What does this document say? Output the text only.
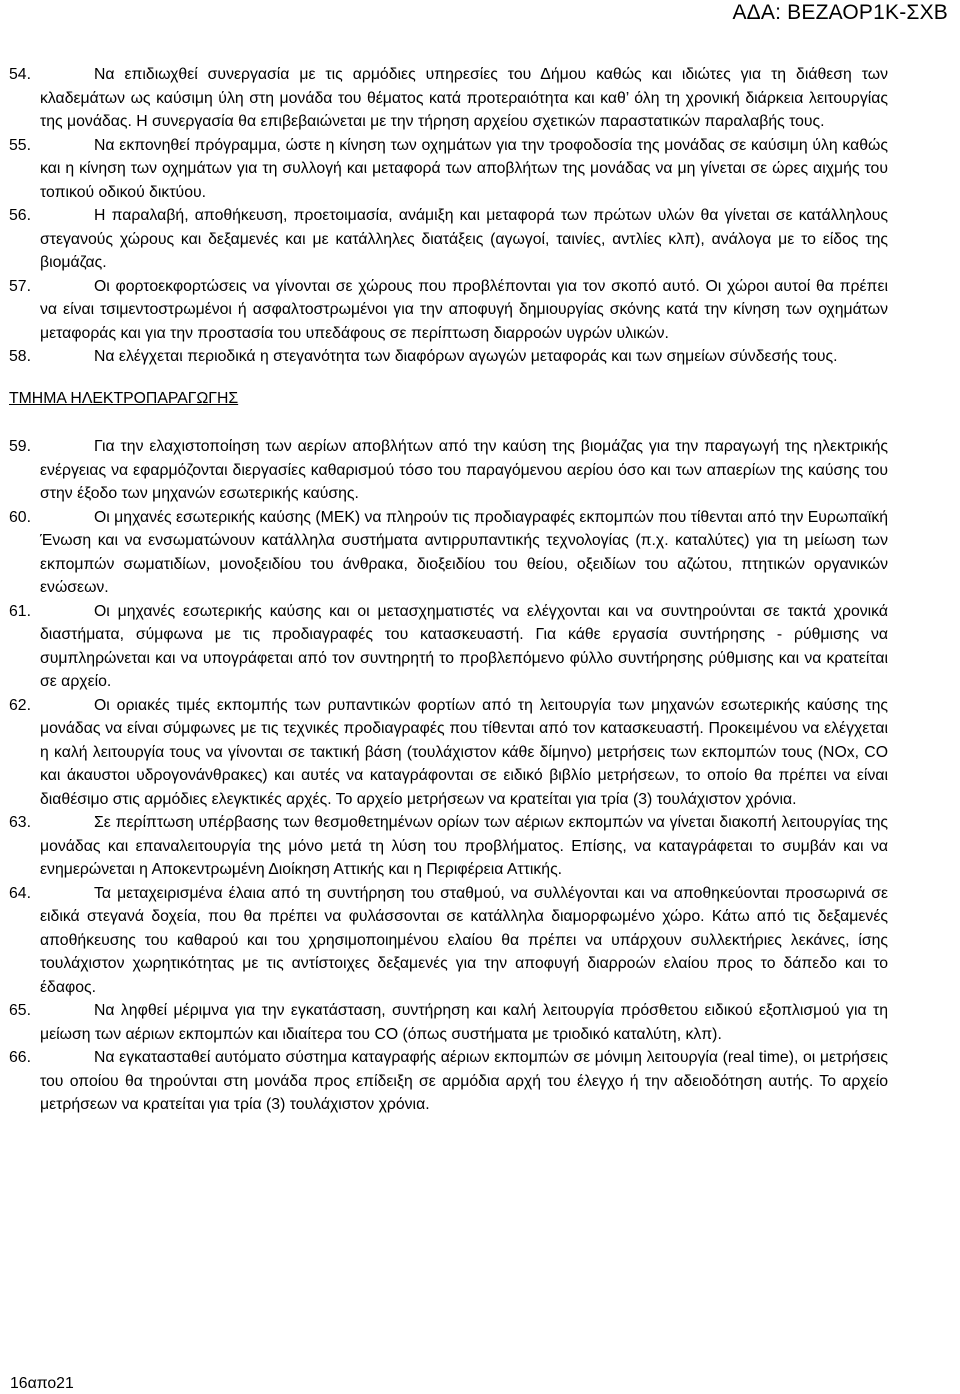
ΑΔΑ: ΒΕΖΑΟΡ1Κ-ΣΧΒ
54.	Να επιδιωχθεί συνεργασία με τις αρμόδιες υπηρεσίες του Δήμου καθώς και ιδιώτες για τη διάθεση των κλαδεμάτων ως καύσιμη ύλη στη μονάδα του θέματος κατά προτεραιότητα και καθ’ όλη τη χρονική διάρκεια λειτουργίας της μονάδας. Η συνεργασία θα επιβεβαιώνεται με την τήρηση αρχείου σχετικών παραστατικών παραλαβής τους.
55.	Να εκπονηθεί πρόγραμμα, ώστε η κίνηση των οχημάτων για την τροφοδοσία της μονάδας σε καύσιμη ύλη καθώς και η κίνηση των οχημάτων για τη συλλογή και μεταφορά των αποβλήτων της μονάδας να μη γίνεται σε ώρες αιχμής του τοπικού οδικού δικτύου.
56.	Η παραλαβή, αποθήκευση, προετοιμασία, ανάμιξη και μεταφορά των πρώτων υλών θα γίνεται σε κατάλληλους στεγανούς χώρους και δεξαμενές και με κατάλληλες διατάξεις (αγωγοί, ταινίες, αντλίες κλπ), ανάλογα με το είδος της βιομάζας.
57.	Οι φορτοεκφορτώσεις να γίνονται σε χώρους που προβλέπονται για τον σκοπό αυτό. Οι χώροι αυτοί θα πρέπει να είναι τσιμεντοστρωμένοι ή ασφαλτοστρωμένοι για την αποφυγή δημιουργίας σκόνης κατά την κίνηση των οχημάτων μεταφοράς και για την προστασία του υπεδάφους σε περίπτωση διαρροών υγρών υλικών.
58.	Να ελέγχεται περιοδικά η στεγανότητα των διαφόρων αγωγών μεταφοράς και των σημείων σύνδεσής τους.
ΤΜΗΜΑ ΗΛΕΚΤΡΟΠΑΡΑΓΩΓΗΣ
59.	Για την ελαχιστοποίηση των αερίων αποβλήτων από την καύση της βιομάζας για την παραγωγή της ηλεκτρικής ενέργειας να εφαρμόζονται διεργασίες καθαρισμού τόσο του παραγόμενου αερίου όσο και των απαερίων της καύσης του στην έξοδο των μηχανών εσωτερικής καύσης.
60.	Οι μηχανές εσωτερικής καύσης (ΜΕΚ) να πληρούν τις προδιαγραφές εκπομπών που τίθενται από την Ευρωπαϊκή Ένωση και να ενσωματώνουν κατάλληλα συστήματα αντιρρυπαντικής τεχνολογίας (π.χ. καταλύτες) για τη μείωση των εκπομπών σωματιδίων, μονοξειδίου του άνθρακα, διοξειδίου του θείου, οξειδίων του αζώτου, πτητικών οργανικών ενώσεων.
61.	Οι μηχανές εσωτερικής καύσης και οι μετασχηματιστές να ελέγχονται και να συντηρούνται σε τακτά χρονικά διαστήματα, σύμφωνα με τις προδιαγραφές του κατασκευαστή. Για κάθε εργασία συντήρησης - ρύθμισης να συμπληρώνεται και να υπογράφεται από τον συντηρητή το προβλεπόμενο φύλλο συντήρησης ρύθμισης και να κρατείται σε αρχείο.
62.	Οι οριακές τιμές εκπομπής των ρυπαντικών φορτίων από τη λειτουργία των μηχανών εσωτερικής καύσης της μονάδας να είναι σύμφωνες με τις τεχνικές προδιαγραφές που τίθενται από τον κατασκευαστή. Προκειμένου να ελέγχεται η καλή λειτουργία τους να γίνονται σε τακτική βάση (τουλάχιστον κάθε δίμηνο) μετρήσεις των εκπομπών τους (NOx, CO και άκαυστοι υδρογονάνθρακες) και αυτές να καταγράφονται σε ειδικό βιβλίο μετρήσεων, το οποίο θα πρέπει να είναι διαθέσιμο στις αρμόδιες ελεγκτικές αρχές. Το αρχείο μετρήσεων να κρατείται για τρία (3) τουλάχιστον χρόνια.
63.	Σε περίπτωση υπέρβασης των θεσμοθετημένων ορίων των αέριων εκπομπών να γίνεται διακοπή λειτουργίας της μονάδας και επαναλειτουργία της μόνο μετά τη λύση του προβλήματος. Επίσης, να καταγράφεται το συμβάν και να ενημερώνεται η Αποκεντρωμένη Διοίκηση Αττικής και η Περιφέρεια Αττικής.
64.	Τα μεταχειρισμένα έλαια από τη συντήρηση του σταθμού, να συλλέγονται και να αποθηκεύονται προσωρινά σε ειδικά στεγανά δοχεία, που θα πρέπει να φυλάσσονται σε κατάλληλα διαμορφωμένο χώρο. Κάτω από τις δεξαμενές αποθήκευσης του καθαρού και του χρησιμοποιημένου ελαίου θα πρέπει να υπάρχουν συλλεκτήριες λεκάνες, ίσης τουλάχιστον χωρητικότητας με τις αντίστοιχες δεξαμενές για την αποφυγή διαρροών ελαίου προς το δάπεδο και το έδαφος.
65.	Να ληφθεί μέριμνα για την εγκατάσταση, συντήρηση και καλή λειτουργία πρόσθετου ειδικού εξοπλισμού για τη μείωση των αέριων εκπομπών και ιδιαίτερα του CO (όπως συστήματα με τριοδικό καταλύτη, κλπ).
66.	Να εγκατασταθεί αυτόματο σύστημα καταγραφής αέριων εκπομπών σε μόνιμη λειτουργία (real time), οι μετρήσεις του οποίου θα τηρούνται στη μονάδα προς επίδειξη σε αρμόδια αρχή του έλεγχο ή την αδειοδότηση αυτής. Το αρχείο μετρήσεων να κρατείται για τρία (3) τουλάχιστον χρόνια.
16απο21
